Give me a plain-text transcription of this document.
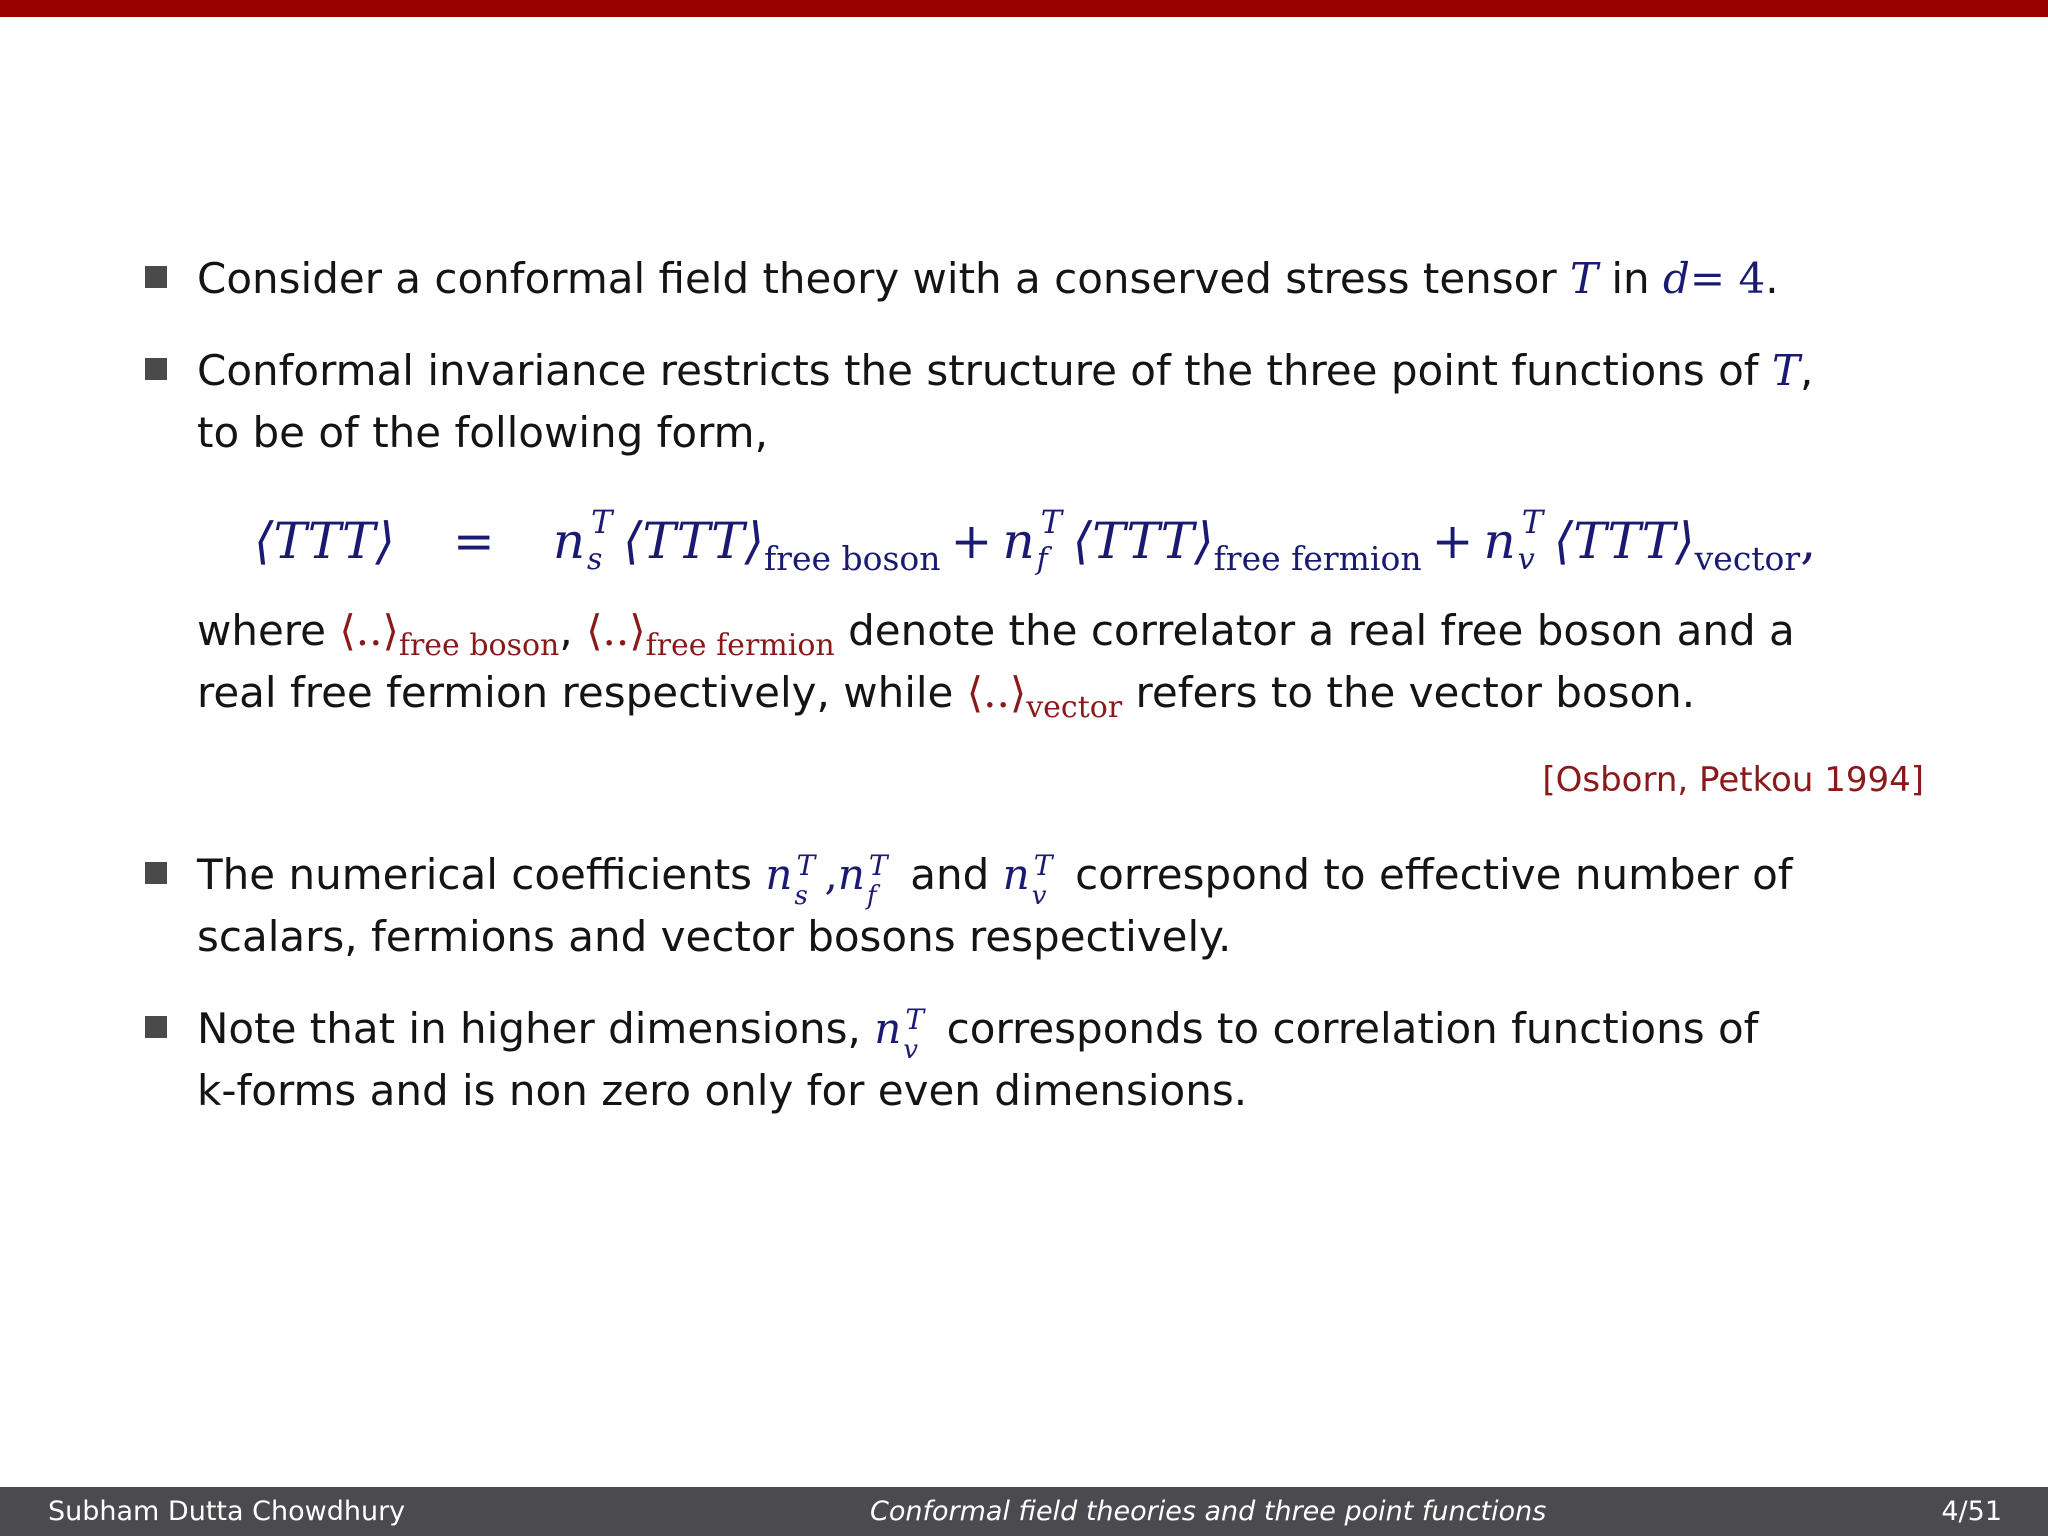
Consider a conformal field theory with a conserved stress tensor T in d= 4.
Conformal invariance restricts the structure of the three point functions of T,
to be of the following form,
⟨TTT⟩ = n T
s $⟨TTT⟩_{free boson} + n$ T
f $⟨TTT⟩_{free fermion} + n$ T
v $⟨TTT⟩_{vector}$,
where $⟨..⟩_{free boson}$, $⟨..⟩_{free fermion}$ denote the correlator a real free boson and a
real free fermion respectively, while $⟨..⟩_{vector}$ refers to the vector boson.
[Osborn, Petkou 1994]
The numerical coefficients n T
s ,n T
f and n T
v correspond to effective number of
scalars, fermions and vector bosons respectively.
Note that in higher dimensions, n T
v corresponds to correlation functions of
k-forms and is non zero only for even dimensions.
Subham Dutta Chowdhury	Conformal field theories and three point functions	4/51
